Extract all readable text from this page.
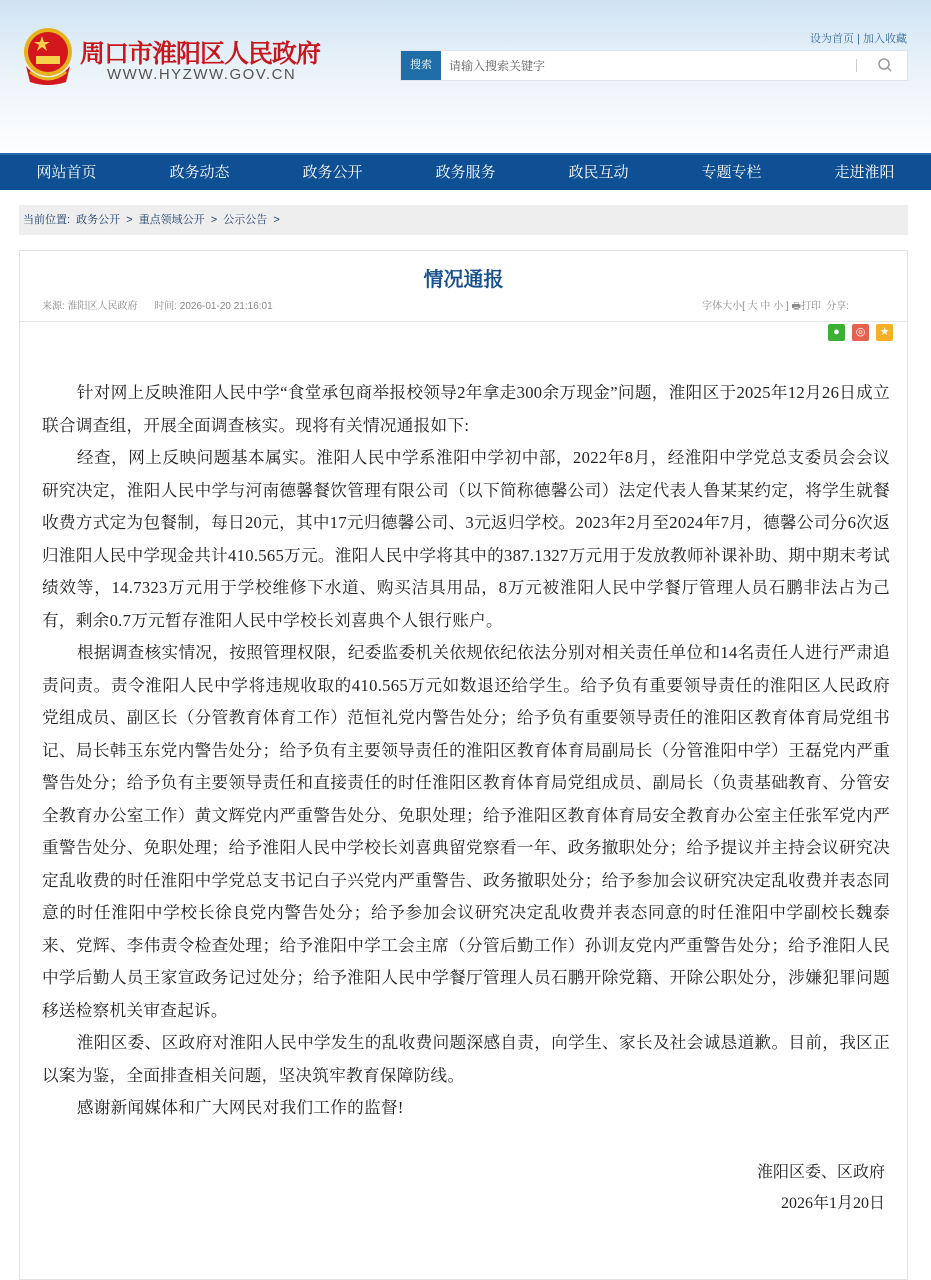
周口市淮阳区人民政府
WWW.HYZWW.GOV.CN
设为首页 | 加入收藏
搜索
请输入搜索关键字
网站首页	政务动态	政务公开	政务服务	政民互动	专题专栏	走进淮阳
当前位置: 政务公开 > 重点领域公开 > 公示公告 >
情况通报
来源: 淮阳区人民政府 时间: 2026-01-20 21:16:01	字体大小[ 大 中 小 ] 🖶打印 分享:
●	◎	★

针对网上反映淮阳人民中学“食堂承包商举报校领导2年拿走300余万现金”问题，淮阳区于2025年12月26日成立联合调查组，开展全面调查核实。现将有关情况通报如下:

经查，网上反映问题基本属实。淮阳人民中学系淮阳中学初中部，2022年8月，经淮阳中学党总支委员会会议研究决定，淮阳人民中学与河南德馨餐饮管理有限公司（以下简称德馨公司）法定代表人鲁某某约定，将学生就餐收费方式定为包餐制，每日20元，其中17元归德馨公司、3元返归学校。2023年2月至2024年7月，德馨公司分6次返归淮阳人民中学现金共计410.565万元。淮阳人民中学将其中的387.1327万元用于发放教师补课补助、期中期末考试绩效等，14.7323万元用于学校维修下水道、购买洁具用品，8万元被淮阳人民中学餐厅管理人员石鹏非法占为己有，剩余0.7万元暂存淮阳人民中学校长刘喜典个人银行账户。

根据调查核实情况，按照管理权限，纪委监委机关依规依纪依法分别对相关责任单位和14名责任人进行严肃追责问责。责令淮阳人民中学将违规收取的410.565万元如数退还给学生。给予负有重要领导责任的淮阳区人民政府党组成员、副区长（分管教育体育工作）范恒礼党内警告处分；给予负有重要领导责任的淮阳区教育体育局党组书记、局长韩玉东党内警告处分；给予负有主要领导责任的淮阳区教育体育局副局长（分管淮阳中学）王磊党内严重警告处分；给予负有主要领导责任和直接责任的时任淮阳区教育体育局党组成员、副局长（负责基础教育、分管安全教育办公室工作）黄文辉党内严重警告处分、免职处理；给予淮阳区教育体育局安全教育办公室主任张军党内严重警告处分、免职处理；给予淮阳人民中学校长刘喜典留党察看一年、政务撤职处分；给予提议并主持会议研究决定乱收费的时任淮阳中学党总支书记白子兴党内严重警告、政务撤职处分；给予参加会议研究决定乱收费并表态同意的时任淮阳中学校长徐良党内警告处分；给予参加会议研究决定乱收费并表态同意的时任淮阳中学副校长魏泰来、党辉、李伟责令检查处理；给予淮阳中学工会主席（分管后勤工作）孙训友党内严重警告处分；给予淮阳人民中学后勤人员王家宣政务记过处分；给予淮阳人民中学餐厅管理人员石鹏开除党籍、开除公职处分，涉嫌犯罪问题移送检察机关审查起诉。

淮阳区委、区政府对淮阳人民中学发生的乱收费问题深感自责，向学生、家长及社会诚恳道歉。目前，我区正以案为鉴，全面排查相关问题，坚决筑牢教育保障防线。

感谢新闻媒体和广大网民对我们工作的监督!

淮阳区委、区政府
2026年1月20日
